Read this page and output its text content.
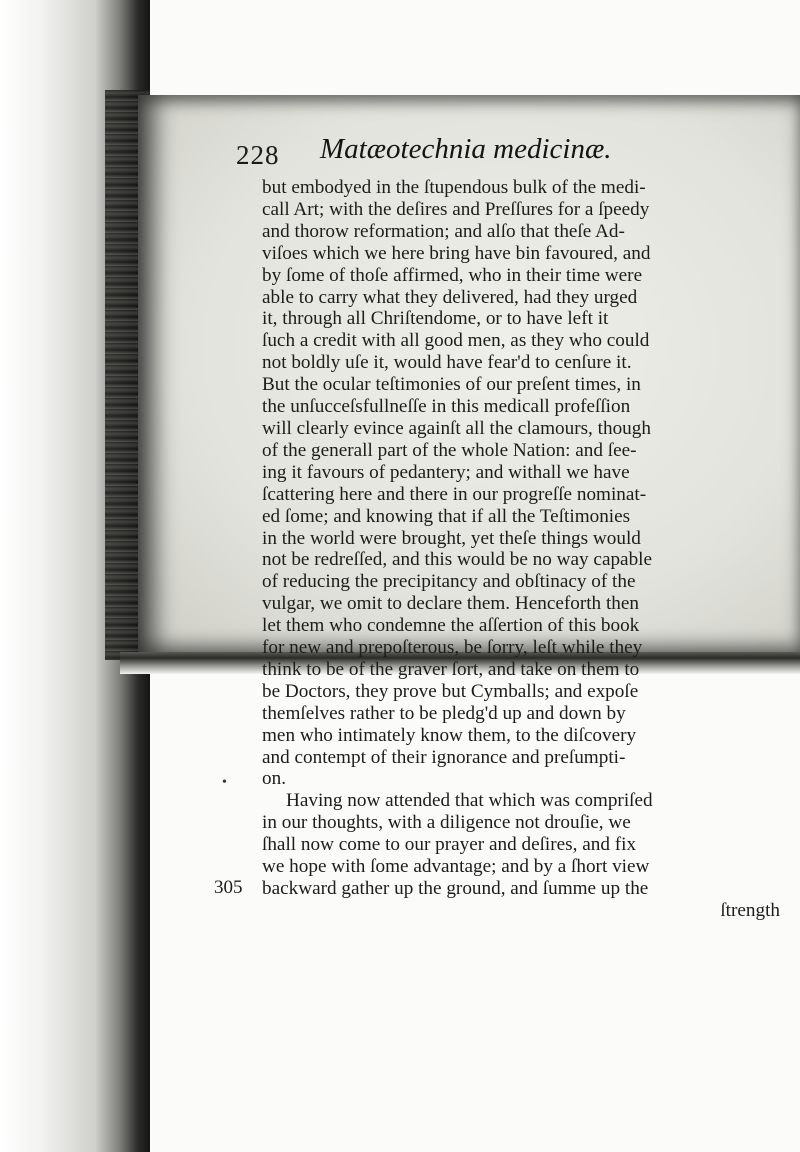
228 Matæotechnia medicinæ.
but embodyed in the ſtupendous bulk of the medi-
call Art; with the deſires and Preſſures for a ſpeedy
and thorow reformation; and alſo that theſe Ad-
viſoes which we here bring have bin favoured, and
by ſome of thoſe affirmed, who in their time were
able to carry what they delivered, had they urged
it, through all Chriſtendome, or to have left it
ſuch a credit with all good men, as they who could
not boldly uſe it, would have fear'd to cenſure it.
But the ocular teſtimonies of our preſent times, in
the unſucceſsfullneſſe in this medicall profeſſion
will clearly evince againſt all the clamours, though
of the generall part of the whole Nation: and ſee-
ing it favours of pedantery; and withall we have
ſcattering here and there in our progreſſe nominat-
ed ſome; and knowing that if all the Teſtimonies
in the world were brought, yet theſe things would
not be redreſſed, and this would be no way capable
of reducing the precipitancy and obſtinacy of the
vulgar, we omit to declare them. Henceforth then
let them who condemne the aſſertion of this book
for new and prepoſterous, be ſorry, leſt while they
think to be of the graver ſort, and take on them to
be Doctors, they prove but Cymballs; and expoſe
themſelves rather to be pledg'd up and down by
men who intimately know them, to the diſcovery
and contempt of their ignorance and preſumpti-
on.
Having now attended that which was compriſed
in our thoughts, with a diligence not drouſie, we
ſhall now come to our prayer and deſires, and fix
we hope with ſome advantage; and by a ſhort view
backward gather up the ground, and ſumme up the
ſtrength
305
•
